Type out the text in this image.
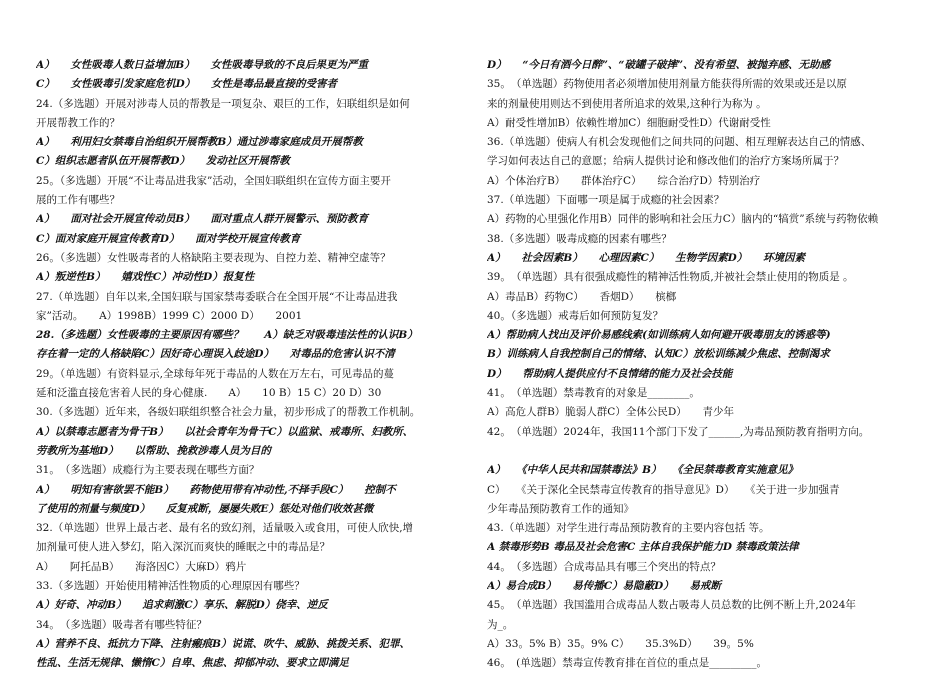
A）　　女性吸毒人数日益增加B）　　女性吸毒导致的不良后果更为严重
C）　　女性吸毒引发家庭危机D）　　女性是毒品最直接的受害者
24.（多选题）开展对涉毒人员的帮教是一项复杂、艰巨的工作，妇联组织是如何
开展帮教工作的？
A）　　利用妇女禁毒自治组织开展帮教B）通过涉毒家庭成员开展帮教
C）组织志愿者队伍开展帮教D）　　发动社区开展帮教
25。（多选题）开展“不让毒品进我家”活动，全国妇联组织在宣传方面主要开
展的工作有哪些？
A）　　面对社会开展宣传动员B）　　面对重点人群开展警示、预防教育
C）面对家庭开展宣传教育D）　　面对学校开展宣传教育
26。（多选题）女性吸毒者的人格缺陷主要表现为、自控力差、精神空虚等？
A）叛逆性B）　　嬉戏性C）冲动性D）报复性
27.（单选题）自年以来,全国妇联与国家禁毒委联合在全国开展“不让毒品进我
家”活动。　　A）1998B）1999 C）2000 D）　　2001
28.（多选题）女性吸毒的主要原因有哪些？　　A）缺乏对吸毒违法性的认识B）
存在着一定的人格缺陷C）因好奇心理误入歧途D）　　对毒品的危害认识不清
29。（单选题）有资料显示,全球每年死于毒品的人数在万左右，可见毒品的蔓
延和泛滥直接危害着人民的身心健康.　　A）　　10 B）15 C）20 D）30
30.（多选题）近年来，各级妇联组织整合社会力量，初步形成了的帮教工作机制。
A）以禁毒志愿者为骨干B）　　以社会青年为骨干C）以监狱、戒毒所、妇教所、
劳教所为基地D）　　以帮助、挽救涉毒人员为目的
31。　（多选题）成瘾行为主要表现在哪些方面？
A）　　明知有害欲罢不能B）　　药物使用带有冲动性,不择手段C）　　控制不
了使用的剂量与频度D）　　反复戒断，屡屡失败E）惩处对他们收效甚微
32.（单选题）世界上最古老、最有名的致幻剂，适量吸入或食用，可使人欣快,增
加剂量可使人进入梦幻，陷入深沉而爽快的睡眠之中的毒品是？
A）　　阿托品B）　　海洛因C）大麻D）鸦片
33.（多选题）开始使用精神活性物质的心理原因有哪些？
A）好奇、冲动B）　　追求刺激C）享乐、解脱D）侥幸、逆反
34。　（多选题）吸毒者有哪些特征？
A）营养不良、抵抗力下降、注射瘢痕B）说谎、吹牛、威胁、挑拨关系、犯罪、
性乱、生活无规律、懒惰C）自卑、焦虑、抑郁冲动、要求立即满足
D）　　“今日有酒今日醉”、“破罐子破摔”、没有希望、被抛弃感、无助感
35。　（单选题）药物使用者必须增加使用剂量方能获得所需的效果或还是以原
来的剂量使用则达不到使用者所追求的效果,这种行为称为 。
A）耐受性增加B）依赖性增加C）细胞耐受性D）代谢耐受性
36.（单选题）使病人有机会发现他们之间共同的问题、相互理解表达自己的情感、
学习如何表达自己的意愿；给病人提供讨论和修改他们的治疗方案场所属于？
A）个体治疗B）　　群体治疗C）　　综合治疗D）特别治疗
37.（单选题）下面哪一项是属于成瘾的社会因素？
A）药物的心里强化作用B）同伴的影响和社会压力C）脑内的“犒赏”系统与药物依赖
38.（多选题）吸毒成瘾的因素有哪些？
A）　　社会因素B）　　心理因素C）　　生物学因素D）　　环境因素
39。　（单选题）具有很强成瘾性的精神活性物质,并被社会禁止使用的物质是 。
A）毒品B）药物C）　　香烟D）　　槟榔
40。（多选题）戒毒后如何预防复发？
A）帮助病人找出及评价易感线索(如训练病人如何避开吸毒朋友的诱惑等)
B）训练病人自我控制自己的情绪、认知C）放松训练减少焦虑、控制渴求
D）　　帮助病人提供应付不良情绪的能力及社会技能
41。　（单选题）禁毒教育的对象是________。
A）高危人群B）脆弱人群C）全体公民D）　　青少年
42。　（单选题）2024年，我国11个部门下发了______,为毒品预防教育指明方向。
A）　　《中华人民共和国禁毒法》B）　　《全民禁毒教育实施意见》
C）　　《关于深化全民禁毒宣传教育的指导意见》D）　　《关于进一步加强青
少年毒品预防教育工作的通知》
43.（单选题）对学生进行毒品预防教育的主要内容包括 等。
A 禁毒形势B 毒品及社会危害C 主体自我保护能力D 禁毒政策法律
44。　（多选题）合成毒品具有哪三个突出的特点？
A）易合成B）　　易传播C）易隐蔽D）　　易戒断
45。　（单选题）我国滥用合成毒品人数占吸毒人员总数的比例不断上升,2024年
为_。
A）33。5% B）35。9% C）　　35.3%D）　　39。5%
46。　(单选题）禁毒宣传教育排在首位的重点是_________。
